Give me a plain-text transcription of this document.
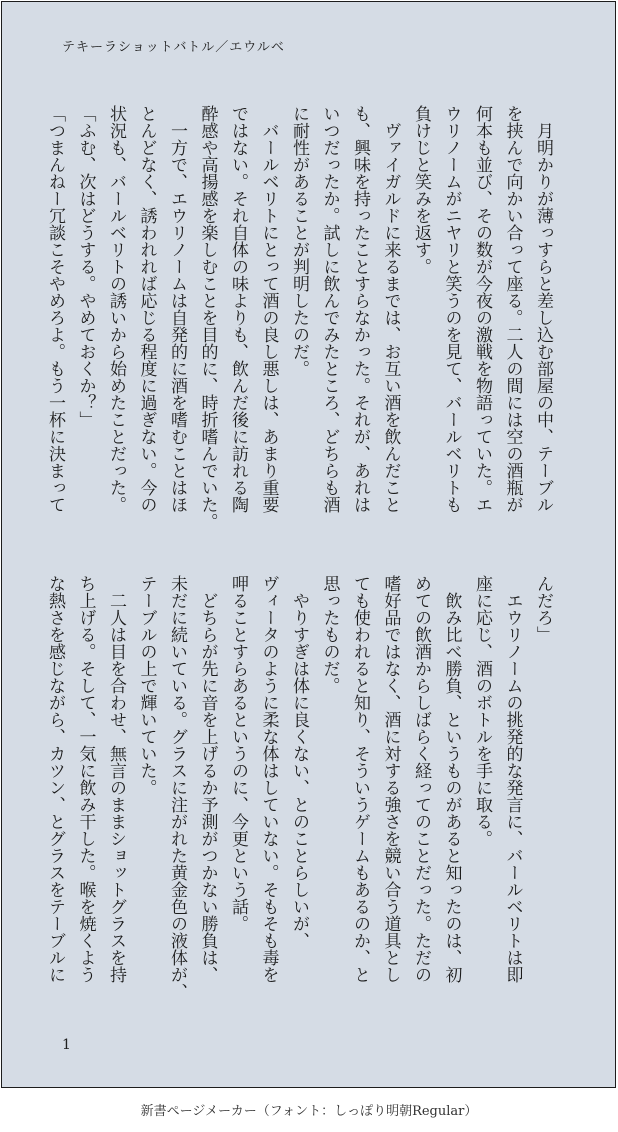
テキーラショットバトル／エウルベ
　月明かりが薄っすらと差し込む部屋の中、テーブル
を挟んで向かい合って座る。二人の間には空の酒瓶が
何本も並び、その数が今夜の激戦を物語っていた。エ
ウリノームがニヤリと笑うのを見て、バールベリトも
負けじと笑みを返す。
　ヴァイガルドに来るまでは、お互い酒を飲んだこと
も、興味を持ったことすらなかった。それが、あれは
いつだったか。試しに飲んでみたところ、どちらも酒
に耐性があることが判明したのだ。
　バールベリトにとって酒の良し悪しは、あまり重要
ではない。それ自体の味よりも、飲んだ後に訪れる陶
酔感や高揚感を楽しむことを目的に、時折嗜んでいた。
　一方で、エウリノームは自発的に酒を嗜むことはほ
とんどなく、誘われれば応じる程度に過ぎない。今の
状況も、バールベリトの誘いから始めたことだった。
「ふむ、次はどうする。やめておくか？」
「つまんねー冗談こそやめろよ。もう一杯に決まって
んだろ」
　エウリノームの挑発的な発言に、バールベリトは即
座に応じ、酒のボトルを手に取る。
　飲み比べ勝負、というものがあると知ったのは、初
めての飲酒からしばらく経ってのことだった。ただの
嗜好品ではなく、酒に対する強さを競い合う道具とし
ても使われると知り、そういうゲームもあるのか、と
思ったものだ。
　やりすぎは体に良くない、とのことらしいが、
ヴィータのように柔な体はしていない。そもそも毒を
呷ることすらあるというのに、今更という話。
　どちらが先に音を上げるか予測がつかない勝負は、
未だに続いている。グラスに注がれた黄金色の液体が、
テーブルの上で輝いていた。
　二人は目を合わせ、無言のままショットグラスを持
ち上げる。そして、一気に飲み干した。喉を焼くよう
な熱さを感じながら、カツン、とグラスをテーブルに
1
新書ページメーカー（フォント：しっぽり明朝Regular）
